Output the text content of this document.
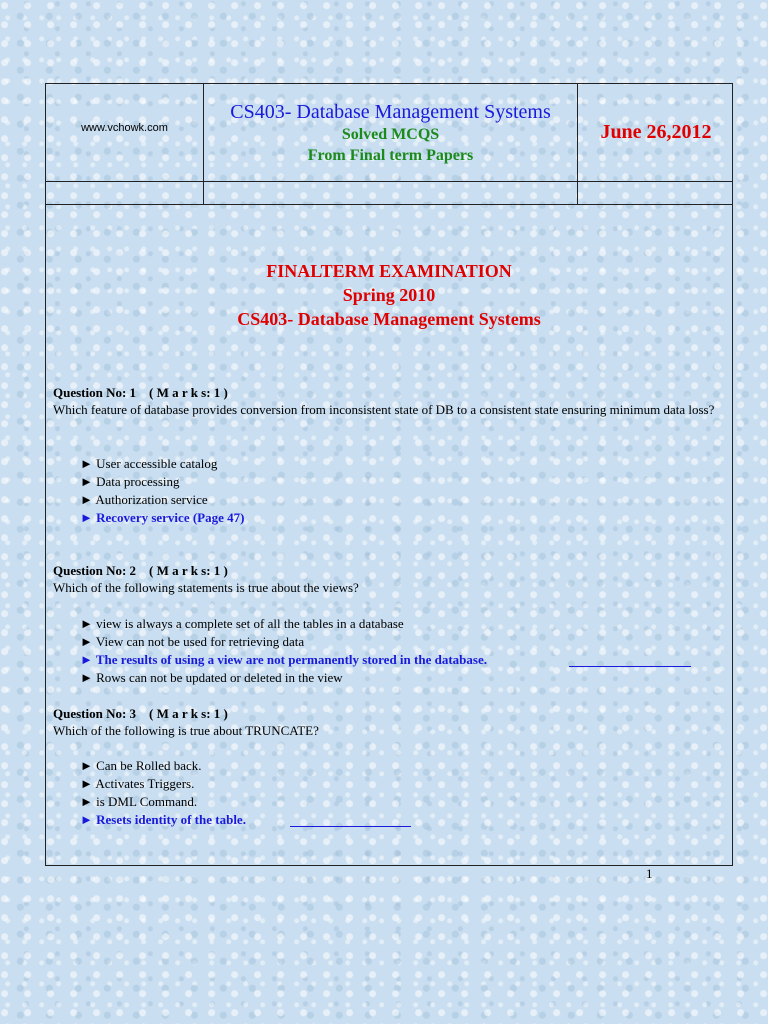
www.vchowk.com
CS403- Database Management Systems
Solved MCQS
From Final term Papers
June 26,2012
FINALTERM EXAMINATION
Spring 2010
CS403- Database Management Systems
Question No: 1    ( M a r k s: 1 )
Which feature of database provides conversion from inconsistent state of DB to a consistent state ensuring minimum data loss?
► User accessible catalog
► Data processing
► Authorization service
► Recovery service (Page 47)
Question No: 2    ( M a r k s: 1 )
Which of the following statements is true about the views?
► view is always a complete set of all the tables in a database
► View can not be used for retrieving data
► The results of using a view are not permanently stored in the database.
► Rows can not be updated or deleted in the view
Question No: 3    ( M a r k s: 1 )
Which of the following is true about TRUNCATE?
► Can be Rolled back.
► Activates Triggers.
► is DML Command.
► Resets identity of the table.
1
